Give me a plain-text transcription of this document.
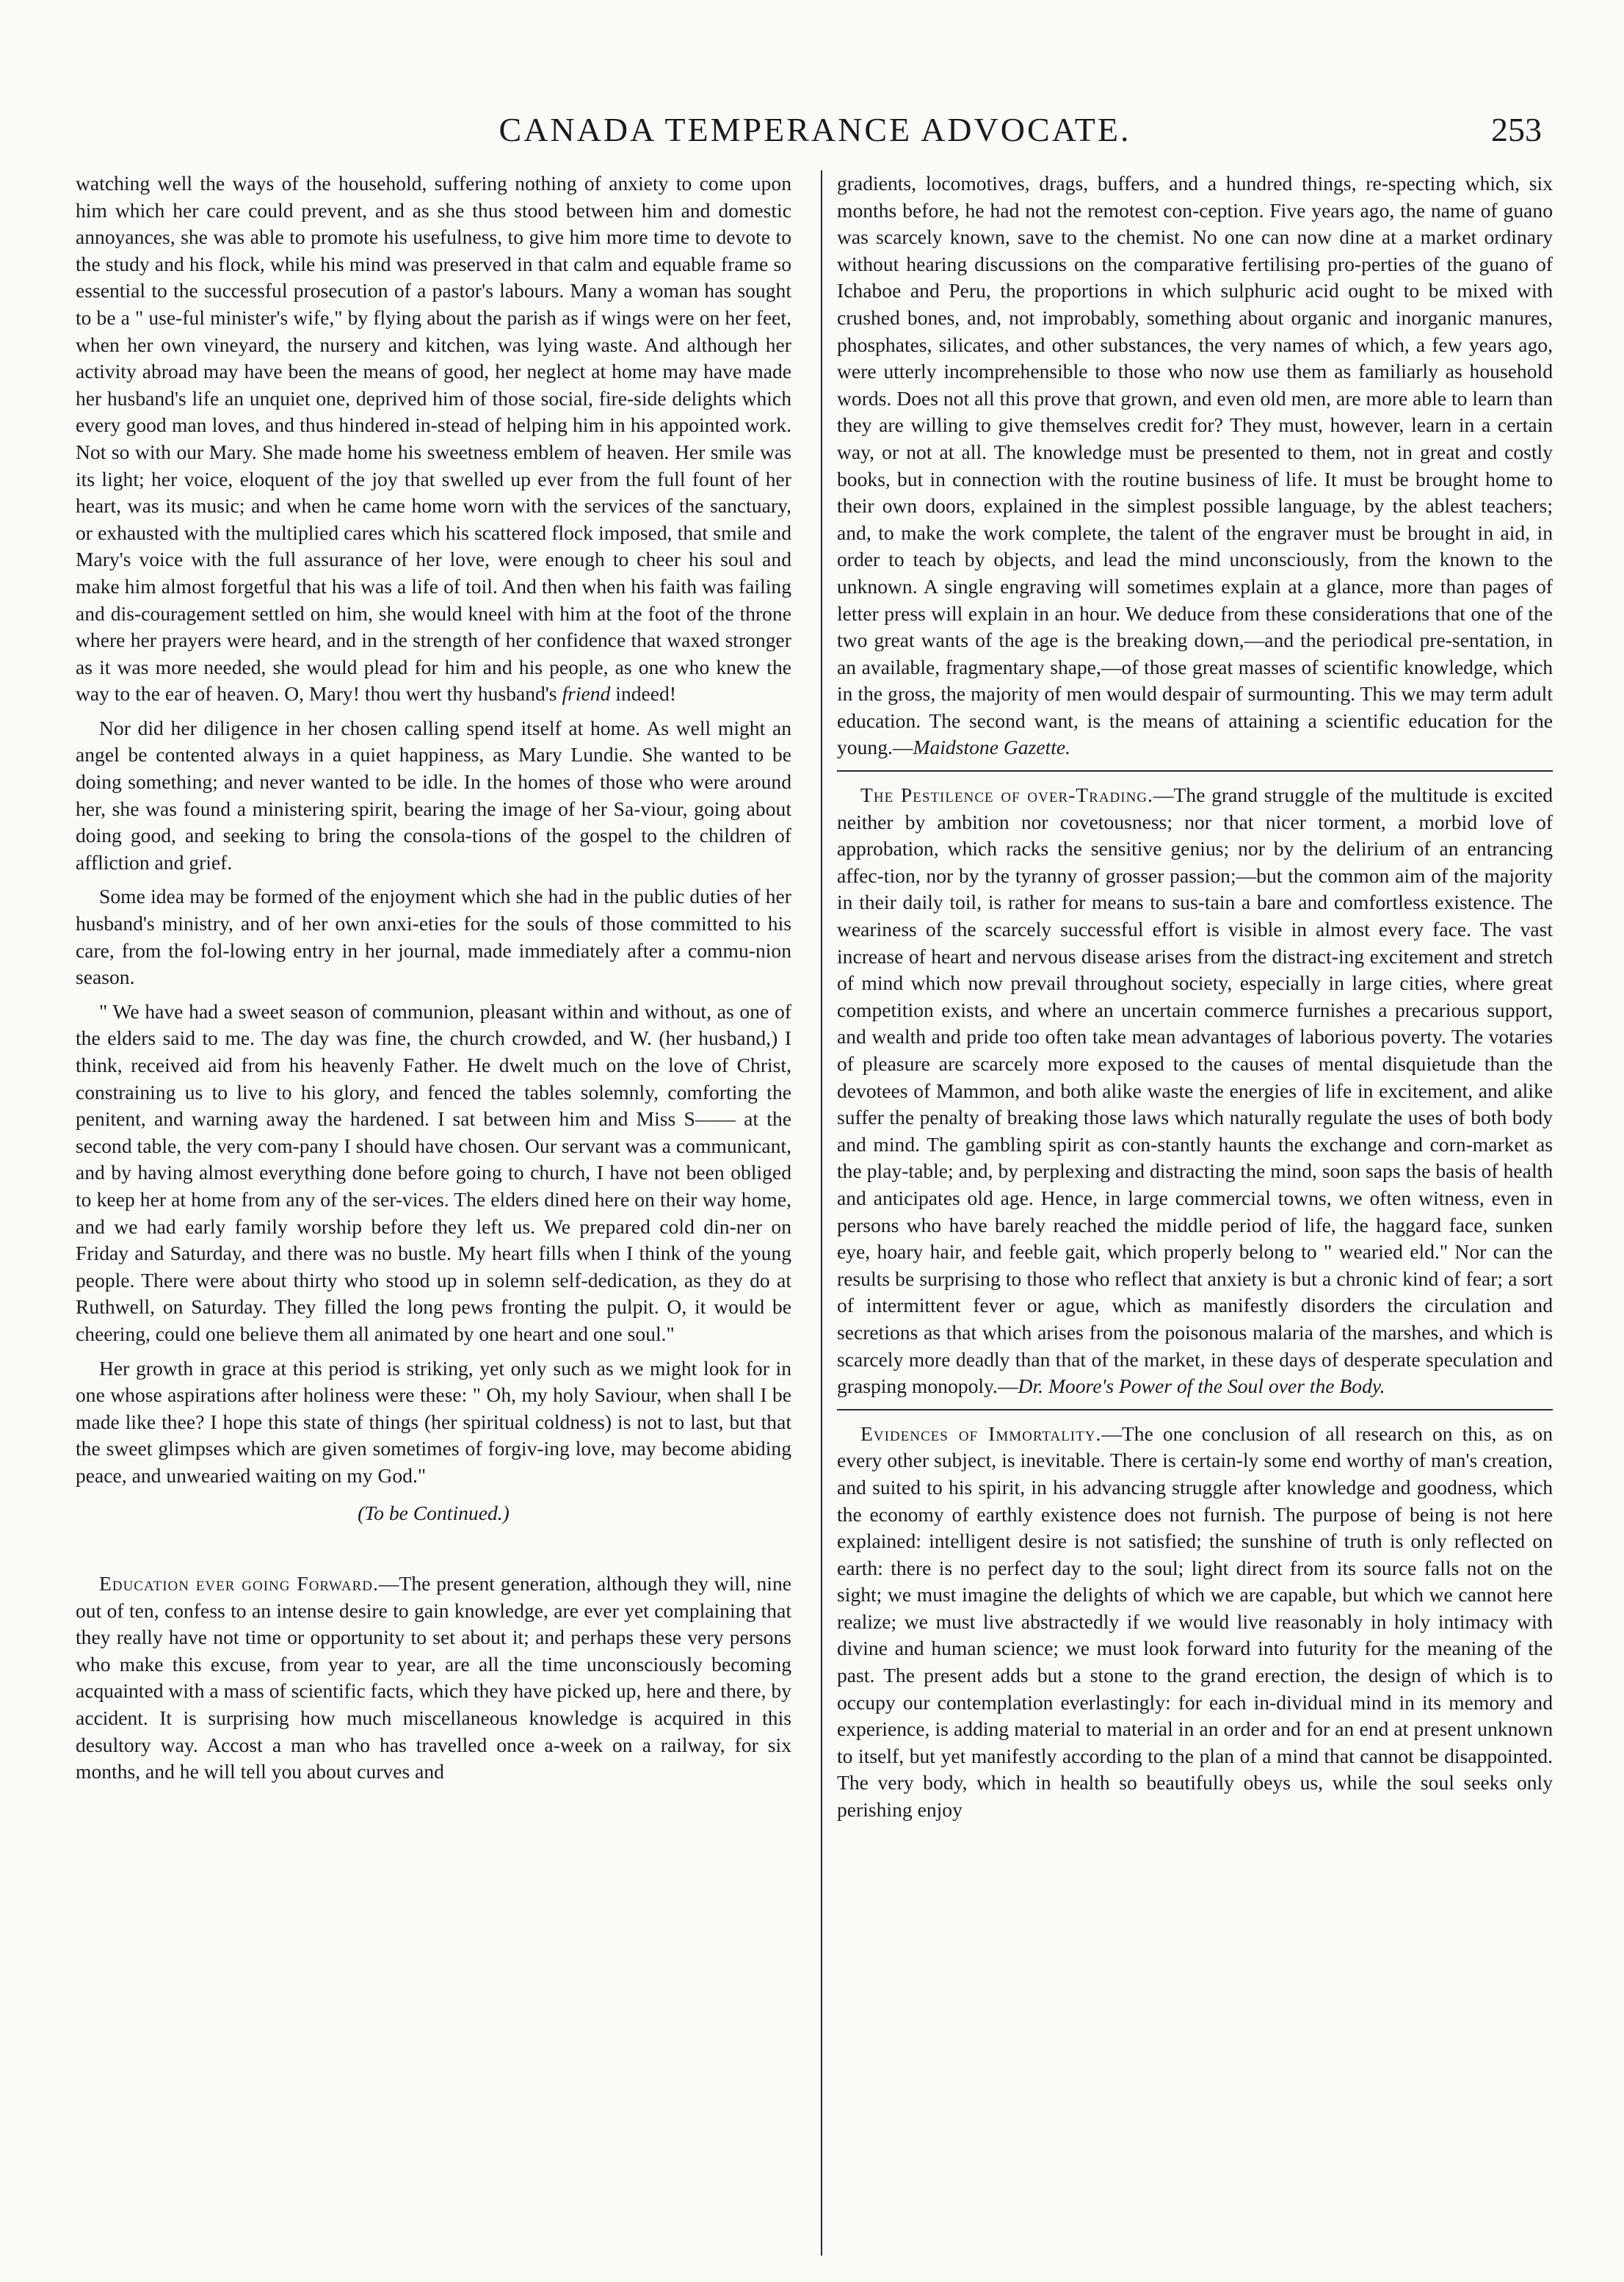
CANADA TEMPERANCE ADVOCATE.	253

watching well the ways of the household, suffering nothing of anxiety to come upon him which her care could prevent, and as she thus stood between him and domestic annoyances, she was able to promote his usefulness, to give him more time to devote to the study and his flock, while his mind was preserved in that calm and equable frame so essential to the successful prosecution of a pastor's labours. Many a woman has sought to be a " use-ful minister's wife," by flying about the parish as if wings were on her feet, when her own vineyard, the nursery and kitchen, was lying waste. And although her activity abroad may have been the means of good, her neglect at home may have made her husband's life an unquiet one, deprived him of those social, fire-side delights which every good man loves, and thus hindered in-stead of helping him in his appointed work. Not so with our Mary. She made home his sweetness emblem of heaven. Her smile was its light; her voice, eloquent of the joy that swelled up ever from the full fount of her heart, was its music; and when he came home worn with the services of the sanctuary, or exhausted with the multiplied cares which his scattered flock imposed, that smile and Mary's voice with the full assurance of her love, were enough to cheer his soul and make him almost forgetful that his was a life of toil. And then when his faith was failing and dis-couragement settled on him, she would kneel with him at the foot of the throne where her prayers were heard, and in the strength of her confidence that waxed stronger as it was more needed, she would plead for him and his people, as one who knew the way to the ear of heaven. O, Mary! thou wert thy husband's friend indeed!

Nor did her diligence in her chosen calling spend itself at home. As well might an angel be contented always in a quiet happiness, as Mary Lundie. She wanted to be doing something; and never wanted to be idle. In the homes of those who were around her, she was found a ministering spirit, bearing the image of her Sa-viour, going about doing good, and seeking to bring the consola-tions of the gospel to the children of affliction and grief.

Some idea may be formed of the enjoyment which she had in the public duties of her husband's ministry, and of her own anxi-eties for the souls of those committed to his care, from the fol-lowing entry in her journal, made immediately after a commu-nion season.

" We have had a sweet season of communion, pleasant within and without, as one of the elders said to me. The day was fine, the church crowded, and W. (her husband,) I think, received aid from his heavenly Father. He dwelt much on the love of Christ, constraining us to live to his glory, and fenced the tables solemnly, comforting the penitent, and warning away the hardened. I sat between him and Miss S—— at the second table, the very com-pany I should have chosen. Our servant was a communicant, and by having almost everything done before going to church, I have not been obliged to keep her at home from any of the ser-vices. The elders dined here on their way home, and we had early family worship before they left us. We prepared cold din-ner on Friday and Saturday, and there was no bustle. My heart fills when I think of the young people. There were about thirty who stood up in solemn self-dedication, as they do at Ruthwell, on Saturday. They filled the long pews fronting the pulpit. O, it would be cheering, could one believe them all animated by one heart and one soul."

Her growth in grace at this period is striking, yet only such as we might look for in one whose aspirations after holiness were these: " Oh, my holy Saviour, when shall I be made like thee? I hope this state of things (her spiritual coldness) is not to last, but that the sweet glimpses which are given sometimes of forgiv-ing love, may become abiding peace, and unwearied waiting on my God."

(To be Continued.)

Education ever going Forward.—The present generation, although they will, nine out of ten, confess to an intense desire to gain knowledge, are ever yet complaining that they really have not time or opportunity to set about it; and perhaps these very persons who make this excuse, from year to year, are all the time unconsciously becoming acquainted with a mass of scientific facts, which they have picked up, here and there, by accident. It is surprising how much miscellaneous knowledge is acquired in this desultory way. Accost a man who has travelled once a-week on a railway, for six months, and he will tell you about curves and

gradients, locomotives, drags, buffers, and a hundred things, re-specting which, six months before, he had not the remotest con-ception. Five years ago, the name of guano was scarcely known, save to the chemist. No one can now dine at a market ordinary without hearing discussions on the comparative fertilising pro-perties of the guano of Ichaboe and Peru, the proportions in which sulphuric acid ought to be mixed with crushed bones, and, not improbably, something about organic and inorganic manures, phosphates, silicates, and other substances, the very names of which, a few years ago, were utterly incomprehensible to those who now use them as familiarly as household words. Does not all this prove that grown, and even old men, are more able to learn than they are willing to give themselves credit for? They must, however, learn in a certain way, or not at all. The knowledge must be presented to them, not in great and costly books, but in connection with the routine business of life. It must be brought home to their own doors, explained in the simplest possible language, by the ablest teachers; and, to make the work complete, the talent of the engraver must be brought in aid, in order to teach by objects, and lead the mind unconsciously, from the known to the unknown. A single engraving will sometimes explain at a glance, more than pages of letter press will explain in an hour. We deduce from these considerations that one of the two great wants of the age is the breaking down,—and the periodical pre-sentation, in an available, fragmentary shape,—of those great masses of scientific knowledge, which in the gross, the majority of men would despair of surmounting. This we may term adult education. The second want, is the means of attaining a scientific education for the young.—Maidstone Gazette.

The Pestilence of over-Trading.—The grand struggle of the multitude is excited neither by ambition nor covetousness; nor that nicer torment, a morbid love of approbation, which racks the sensitive genius; nor by the delirium of an entrancing affec-tion, nor by the tyranny of grosser passion;—but the common aim of the majority in their daily toil, is rather for means to sus-tain a bare and comfortless existence. The weariness of the scarcely successful effort is visible in almost every face. The vast increase of heart and nervous disease arises from the distract-ing excitement and stretch of mind which now prevail throughout society, especially in large cities, where great competition exists, and where an uncertain commerce furnishes a precarious support, and wealth and pride too often take mean advantages of laborious poverty. The votaries of pleasure are scarcely more exposed to the causes of mental disquietude than the devotees of Mammon, and both alike waste the energies of life in excitement, and alike suffer the penalty of breaking those laws which naturally regulate the uses of both body and mind. The gambling spirit as con-stantly haunts the exchange and corn-market as the play-table; and, by perplexing and distracting the mind, soon saps the basis of health and anticipates old age. Hence, in large commercial towns, we often witness, even in persons who have barely reached the middle period of life, the haggard face, sunken eye, hoary hair, and feeble gait, which properly belong to " wearied eld." Nor can the results be surprising to those who reflect that anxiety is but a chronic kind of fear; a sort of intermittent fever or ague, which as manifestly disorders the circulation and secretions as that which arises from the poisonous malaria of the marshes, and which is scarcely more deadly than that of the market, in these days of desperate speculation and grasping monopoly.—Dr. Moore's Power of the Soul over the Body.

Evidences of Immortality.—The one conclusion of all research on this, as on every other subject, is inevitable. There is certain-ly some end worthy of man's creation, and suited to his spirit, in his advancing struggle after knowledge and goodness, which the economy of earthly existence does not furnish. The purpose of being is not here explained: intelligent desire is not satisfied; the sunshine of truth is only reflected on earth: there is no perfect day to the soul; light direct from its source falls not on the sight; we must imagine the delights of which we are capable, but which we cannot here realize; we must live abstractedly if we would live reasonably in holy intimacy with divine and human science; we must look forward into futurity for the meaning of the past. The present adds but a stone to the grand erection, the design of which is to occupy our contemplation everlastingly: for each in-dividual mind in its memory and experience, is adding material to material in an order and for an end at present unknown to itself, but yet manifestly according to the plan of a mind that cannot be disappointed. The very body, which in health so beautifully obeys us, while the soul seeks only perishing enjoy
